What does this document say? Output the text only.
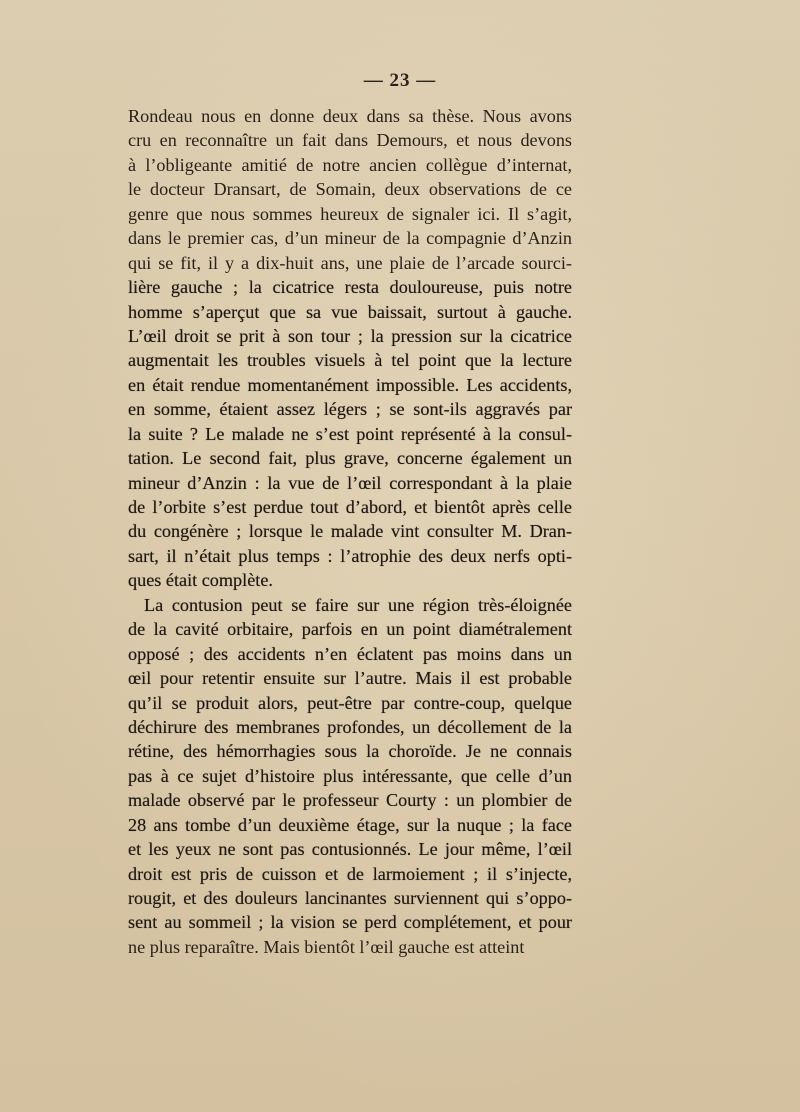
— 23 —
Rondeau nous en donne deux dans sa thèse. Nous avons
cru en reconnaître un fait dans Demours, et nous devons
à l’obligeante amitié de notre ancien collègue d’internat,
le docteur Dransart, de Somain, deux observations de ce
genre que nous sommes heureux de signaler ici. Il s’agit,
dans le premier cas, d’un mineur de la compagnie d’Anzin
qui se fit, il y a dix-huit ans, une plaie de l’arcade sourci-
lière gauche ; la cicatrice resta douloureuse, puis notre
homme s’aperçut que sa vue baissait, surtout à gauche.
L’œil droit se prit à son tour ; la pression sur la cicatrice
augmentait les troubles visuels à tel point que la lecture
en était rendue momentanément impossible. Les accidents,
en somme, étaient assez légers ; se sont-ils aggravés par
la suite ? Le malade ne s’est point représenté à la consul-
tation. Le second fait, plus grave, concerne également un
mineur d’Anzin : la vue de l’œil correspondant à la plaie
de l’orbite s’est perdue tout d’abord, et bientôt après celle
du congénère ; lorsque le malade vint consulter M. Dran-
sart, il n’était plus temps : l’atrophie des deux nerfs opti-
ques était complète.
La contusion peut se faire sur une région très-éloignée
de la cavité orbitaire, parfois en un point diamétralement
opposé ; des accidents n’en éclatent pas moins dans un
œil pour retentir ensuite sur l’autre. Mais il est probable
qu’il se produit alors, peut-être par contre-coup, quelque
déchirure des membranes profondes, un décollement de la
rétine, des hémorrhagies sous la choroïde. Je ne connais
pas à ce sujet d’histoire plus intéressante, que celle d’un
malade observé par le professeur Courty : un plombier de
28 ans tombe d’un deuxième étage, sur la nuque ; la face
et les yeux ne sont pas contusionnés. Le jour même, l’œil
droit est pris de cuisson et de larmoiement ; il s’injecte,
rougit, et des douleurs lancinantes surviennent qui s’oppo-
sent au sommeil ; la vision se perd complétement, et pour
ne plus reparaître. Mais bientôt l’œil gauche est atteint
